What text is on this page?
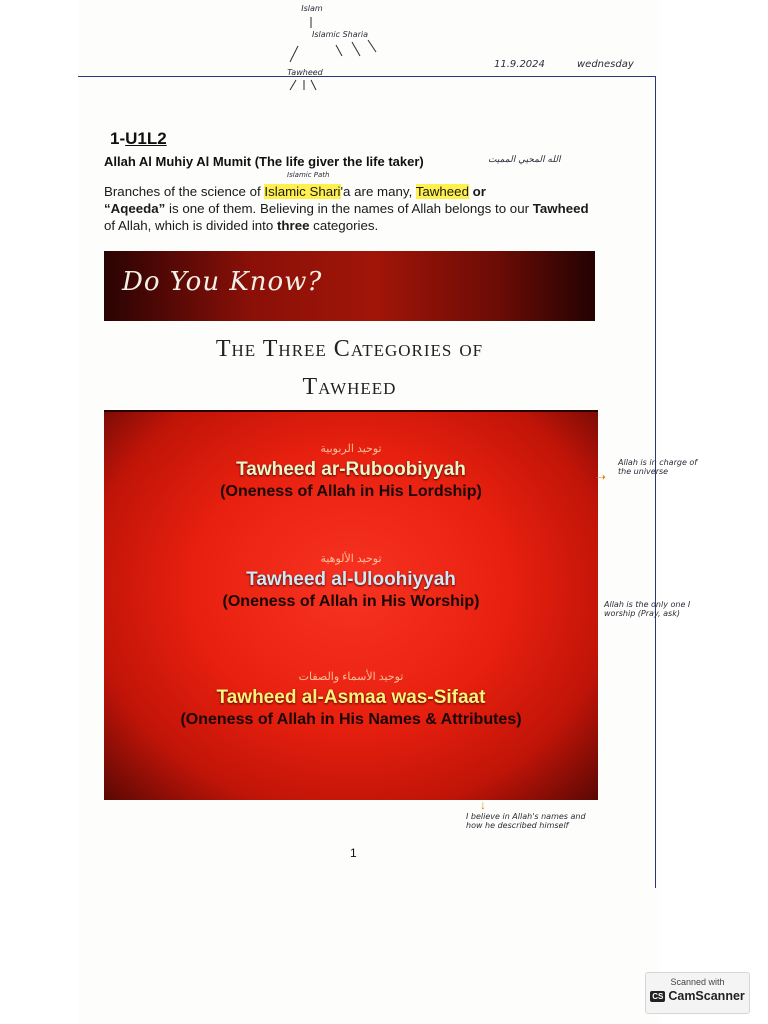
Islam
Islamic Sharia
Tawheed
11.9.2024	wednesday
1-U1L2
Allah Al Muhiy Al Mumit (The life giver the life taker)	الله المحيي المميت
Islamic Path
Branches of the science of Islamic Shari'a are many, Tawheed or
“Aqeeda” is one of them. Believing in the names of Allah belongs to our Tawheed of Allah, which is divided into three categories.
Do You Know?
The Three Categories of
Tawheed
توحيد الربوبية
Tawheed ar-Ruboobiyyah
(Oneness of Allah in His Lordship)
توحيد الألوهية
Tawheed al-Uloohiyyah
(Oneness of Allah in His Worship)
توحيد الأسماء والصفات
Tawheed al-Asmaa was-Sifaat
(Oneness of Allah in His Names & Attributes)
➝
Allah is in charge of the universe
Allah is the only one I worship (Pray, ask)
↓
I believe in Allah's names and how he described himself
1
Scanned with
CS CamScanner
